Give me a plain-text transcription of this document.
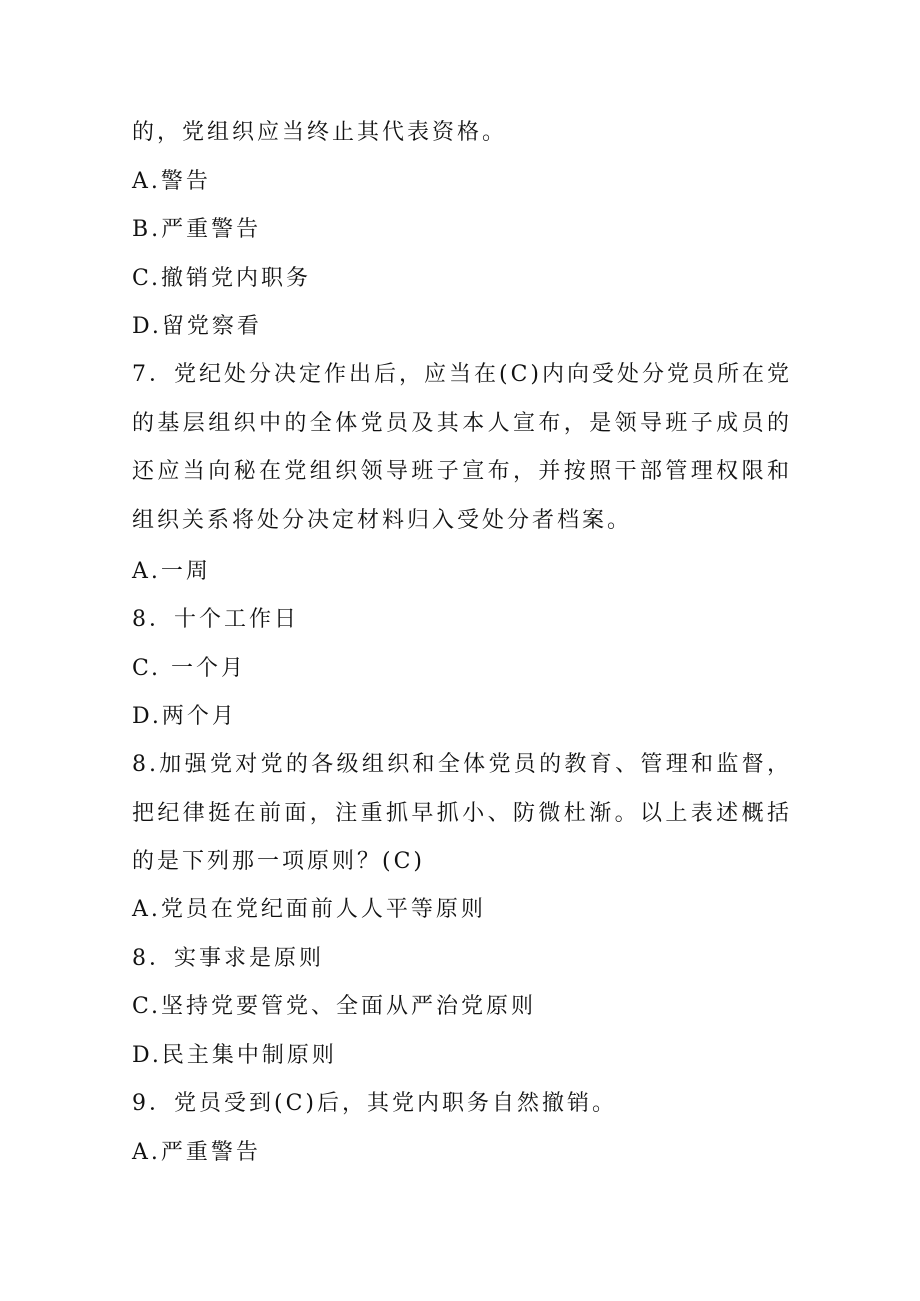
的，党组织应当终止其代表资格。
A.警告
B.严重警告
C.撤销党内职务
D.留党察看
7．党纪处分决定作出后，应当在(C)内向受处分党员所在党的基层组织中的全体党员及其本人宣布，是领导班子成员的还应当向秘在党组织领导班子宣布，并按照干部管理权限和组织关系将处分决定材料归入受处分者档案。
A.一周
8．十个工作日
C. 一个月
D.两个月
8.加强党对党的各级组织和全体党员的教育、管理和监督，把纪律挺在前面，注重抓早抓小、防微杜渐。以上表述概括的是下列那一项原则？(C)
A.党员在党纪面前人人平等原则
8．实事求是原则
C.坚持党要管党、全面从严治党原则
D.民主集中制原则
9．党员受到(C)后，其党内职务自然撤销。
A.严重警告
